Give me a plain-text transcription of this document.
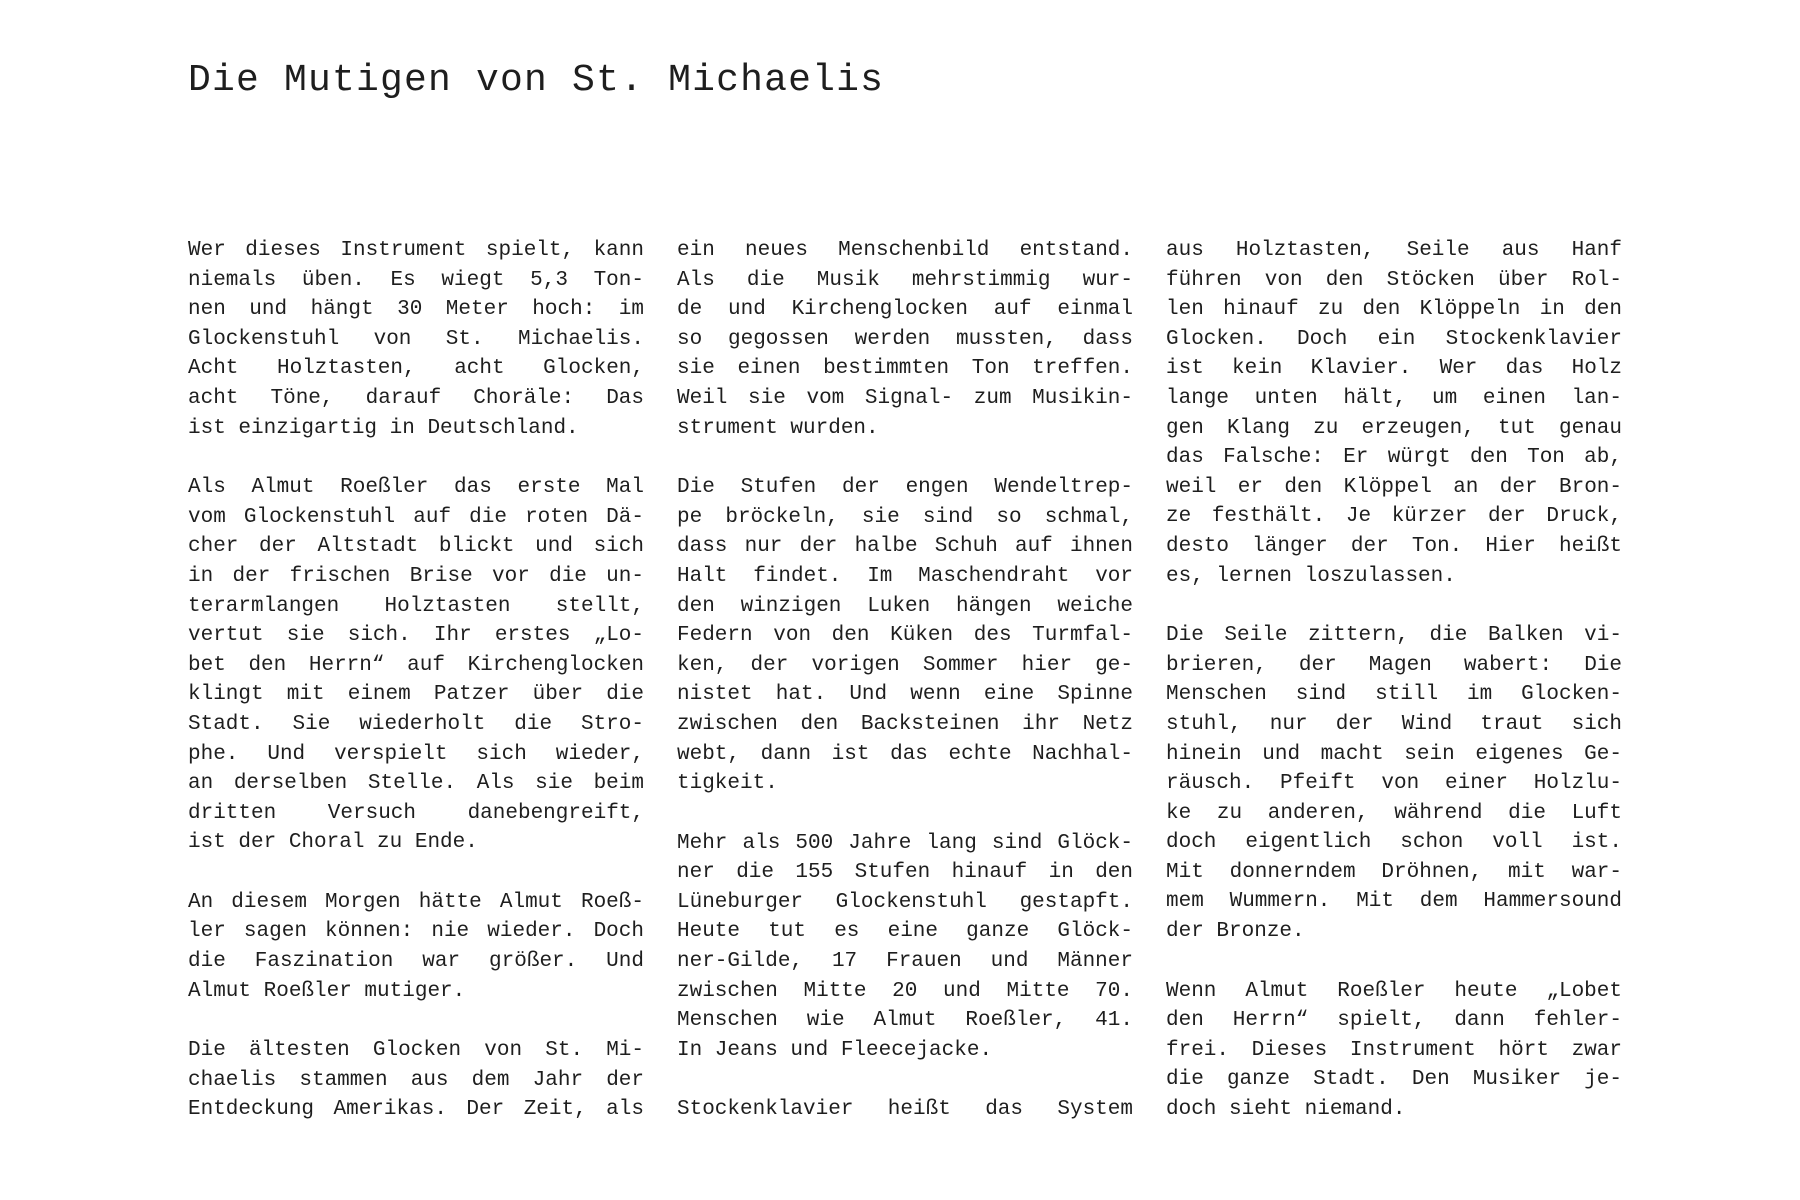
Die Mutigen von St. Michaelis

Wer dieses Instrument spielt, kann
niemals üben. Es wiegt 5,3 Ton-
nen und hängt 30 Meter hoch: im
Glockenstuhl von St. Michaelis.
Acht Holztasten, acht Glocken,
acht Töne, darauf Choräle: Das
ist einzigartig in Deutschland.

Als Almut Roeßler das erste Mal
vom Glockenstuhl auf die roten Dä-
cher der Altstadt blickt und sich
in der frischen Brise vor die un-
terarmlangen Holztasten stellt,
vertut sie sich. Ihr erstes „Lo-
bet den Herrn“ auf Kirchenglocken
klingt mit einem Patzer über die
Stadt. Sie wiederholt die Stro-
phe. Und verspielt sich wieder,
an derselben Stelle. Als sie beim
dritten Versuch danebengreift,
ist der Choral zu Ende.

An diesem Morgen hätte Almut Roeß-
ler sagen können: nie wieder. Doch
die Faszination war größer. Und
Almut Roeßler mutiger.

Die ältesten Glocken von St. Mi-
chaelis stammen aus dem Jahr der
Entdeckung Amerikas. Der Zeit, als

ein neues Menschenbild entstand.
Als die Musik mehrstimmig wur-
de und Kirchenglocken auf einmal
so gegossen werden mussten, dass
sie einen bestimmten Ton treffen.
Weil sie vom Signal- zum Musikin-
strument wurden.

Die Stufen der engen Wendeltrep-
pe bröckeln, sie sind so schmal,
dass nur der halbe Schuh auf ihnen
Halt findet. Im Maschendraht vor
den winzigen Luken hängen weiche
Federn von den Küken des Turmfal-
ken, der vorigen Sommer hier ge-
nistet hat. Und wenn eine Spinne
zwischen den Backsteinen ihr Netz
webt, dann ist das echte Nachhal-
tigkeit.

Mehr als 500 Jahre lang sind Glöck-
ner die 155 Stufen hinauf in den
Lüneburger Glockenstuhl gestapft.
Heute tut es eine ganze Glöck-
ner-Gilde, 17 Frauen und Männer
zwischen Mitte 20 und Mitte 70.
Menschen wie Almut Roeßler, 41.
In Jeans und Fleecejacke.

Stockenklavier heißt das System

aus Holztasten, Seile aus Hanf
führen von den Stöcken über Rol-
len hinauf zu den Klöppeln in den
Glocken. Doch ein Stockenklavier
ist kein Klavier. Wer das Holz
lange unten hält, um einen lan-
gen Klang zu erzeugen, tut genau
das Falsche: Er würgt den Ton ab,
weil er den Klöppel an der Bron-
ze festhält. Je kürzer der Druck,
desto länger der Ton. Hier heißt
es, lernen loszulassen.

Die Seile zittern, die Balken vi-
brieren, der Magen wabert: Die
Menschen sind still im Glocken-
stuhl, nur der Wind traut sich
hinein und macht sein eigenes Ge-
räusch. Pfeift von einer Holzlu-
ke zu anderen, während die Luft
doch eigentlich schon voll ist.
Mit donnerndem Dröhnen, mit war-
mem Wummern. Mit dem Hammersound
der Bronze.

Wenn Almut Roeßler heute „Lobet
den Herrn“ spielt, dann fehler-
frei. Dieses Instrument hört zwar
die ganze Stadt. Den Musiker je-
doch sieht niemand.
